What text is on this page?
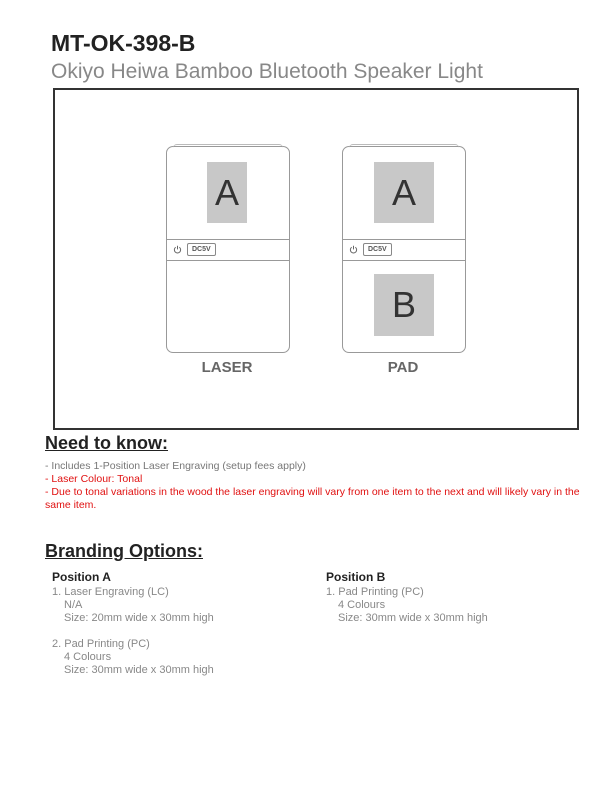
MT-OK-398-B
Okiyo Heiwa Bamboo Bluetooth Speaker Light
A
DC5V
LASER
A
DC5V
B
PAD
Need to know:

- Includes 1-Position Laser Engraving (setup fees apply)

- Laser Colour: Tonal

- Due to tonal variations in the wood the laser engraving will vary from one item to the next and will likely vary in the same item.

Branding Options:
Position A
1. Laser Engraving (LC)
N/A
Size: 20mm wide x 30mm high
2. Pad Printing (PC)
4 Colours
Size: 30mm wide x 30mm high
Position B
1. Pad Printing (PC)
4 Colours
Size: 30mm wide x 30mm high
